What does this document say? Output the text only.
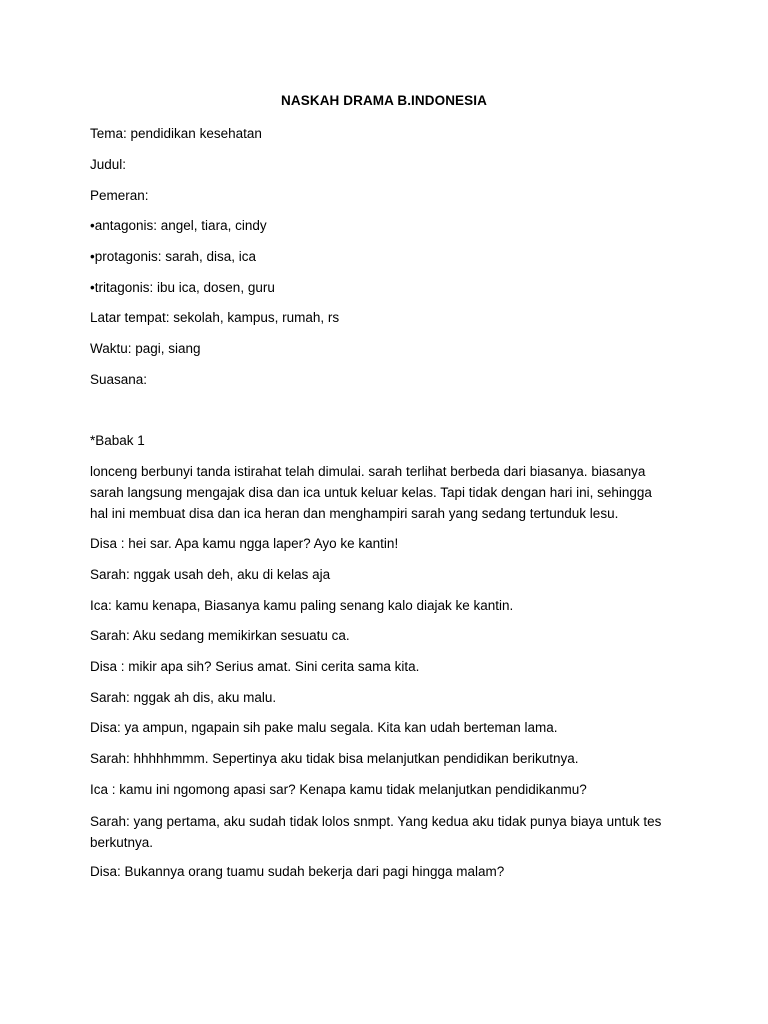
NASKAH DRAMA B.INDONESIA
Tema: pendidikan kesehatan
Judul:
Pemeran:
•antagonis: angel, tiara, cindy
•protagonis: sarah, disa, ica
•tritagonis: ibu ica, dosen, guru
Latar tempat: sekolah, kampus, rumah, rs
Waktu: pagi, siang
Suasana:
*Babak 1
lonceng berbunyi tanda istirahat telah dimulai. sarah terlihat berbeda dari biasanya. biasanya
sarah langsung mengajak disa dan ica untuk keluar kelas. Tapi tidak dengan hari ini, sehingga
hal ini membuat disa dan ica heran dan menghampiri sarah yang sedang tertunduk lesu.
Disa : hei sar. Apa kamu ngga laper? Ayo ke kantin!
Sarah: nggak usah deh, aku di kelas aja
Ica: kamu kenapa, Biasanya kamu paling senang kalo diajak ke kantin.
Sarah: Aku sedang memikirkan sesuatu ca.
Disa : mikir apa sih? Serius amat. Sini cerita sama kita.
Sarah: nggak ah dis, aku malu.
Disa: ya ampun, ngapain sih pake malu segala. Kita kan udah berteman lama.
Sarah: hhhhhmmm. Sepertinya aku tidak bisa melanjutkan pendidikan berikutnya.
Ica : kamu ini ngomong apasi sar? Kenapa kamu tidak melanjutkan pendidikanmu?
Sarah: yang pertama, aku sudah tidak lolos snmpt. Yang kedua aku tidak punya biaya untuk tes
berkutnya.
Disa: Bukannya orang tuamu sudah bekerja dari pagi hingga malam?
